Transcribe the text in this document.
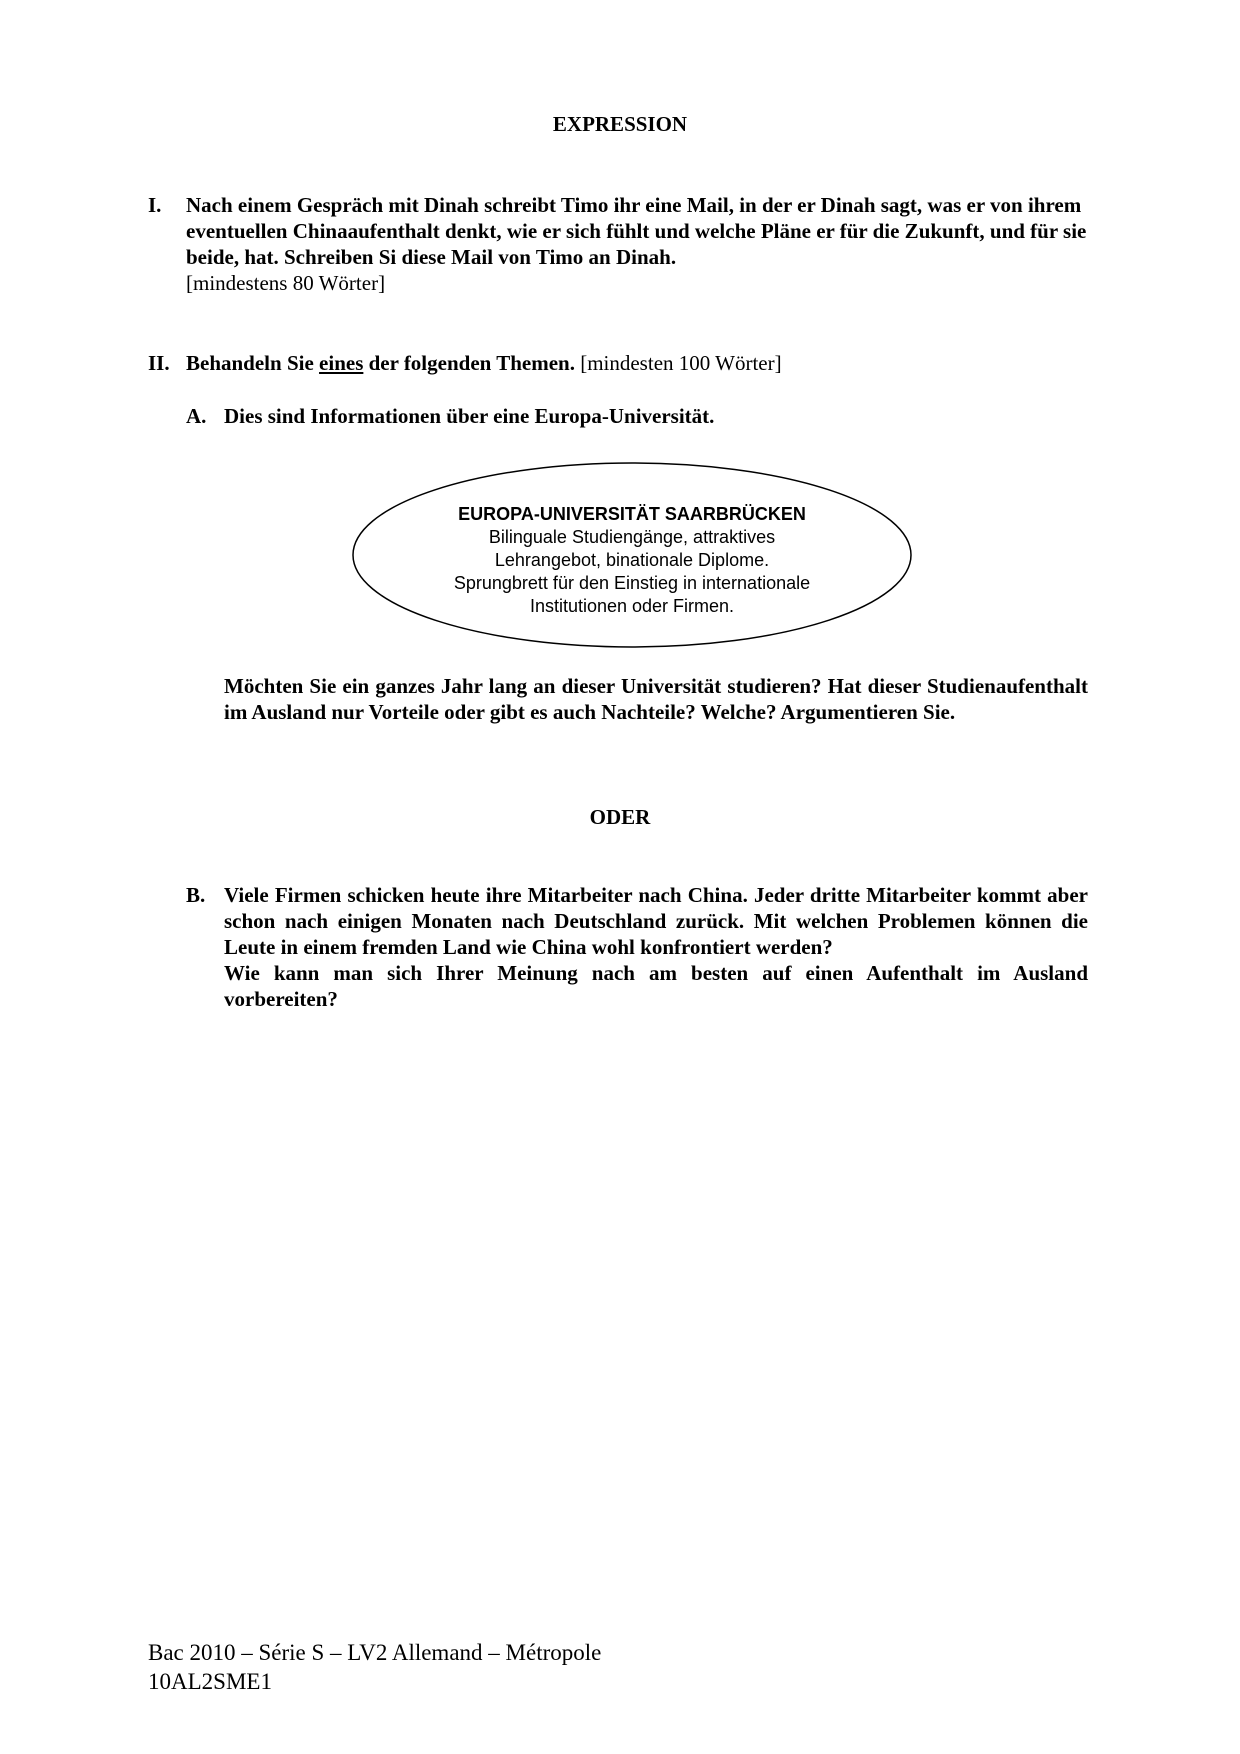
EXPRESSION
I. Nach einem Gespräch mit Dinah schreibt Timo ihr eine Mail, in der er Dinah sagt, was er von ihrem eventuellen Chinaaufenthalt denkt, wie er sich fühlt und welche Pläne er für die Zukunft, und für sie beide, hat. Schreiben Si diese Mail von Timo an Dinah.
[mindestens 80 Wörter]
II. Behandeln Sie eines der folgenden Themen. [mindesten 100 Wörter]
A. Dies sind Informationen über eine Europa-Universität.
EUROPA-UNIVERSITÄT SAARBRÜCKEN
Bilinguale Studiengänge, attraktives
Lehrangebot, binationale Diplome.
Sprungbrett für den Einstieg in internationale
Institutionen oder Firmen.
Möchten Sie ein ganzes Jahr lang an dieser Universität studieren? Hat dieser Studienaufenthalt im Ausland nur Vorteile oder gibt es auch Nachteile? Welche? Argumentieren Sie.
ODER
B. Viele Firmen schicken heute ihre Mitarbeiter nach China. Jeder dritte Mitarbeiter kommt aber schon nach einigen Monaten nach Deutschland zurück. Mit welchen Problemen können die Leute in einem fremden Land wie China wohl konfrontiert werden?
Wie kann man sich Ihrer Meinung nach am besten auf einen Aufenthalt im Ausland vorbereiten?
Bac 2010 – Série S – LV2 Allemand – Métropole
10AL2SME1
